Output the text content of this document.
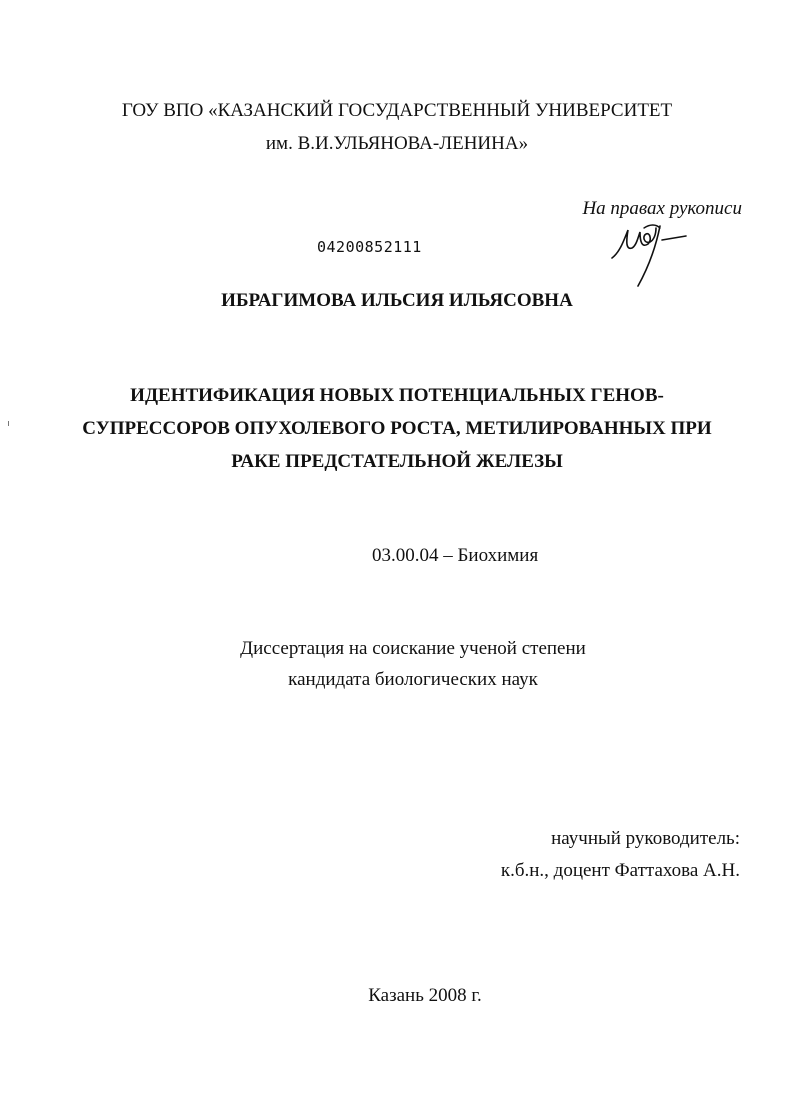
ГОУ ВПО «КАЗАНСКИЙ ГОСУДАРСТВЕННЫЙ УНИВЕРСИТЕТ
им. В.И.УЛЬЯНОВА-ЛЕНИНА»
На правах рукописи
04200852111
ИБРАГИМОВА ИЛЬСИЯ ИЛЬЯСОВНА
ИДЕНТИФИКАЦИЯ НОВЫХ ПОТЕНЦИАЛЬНЫХ ГЕНОВ-
СУПРЕССОРОВ ОПУХОЛЕВОГО РОСТА, МЕТИЛИРОВАННЫХ ПРИ
РАКЕ ПРЕДСТАТЕЛЬНОЙ ЖЕЛЕЗЫ
03.00.04 – Биохимия
Диссертация на соискание ученой степени
кандидата биологических наук
научный руководитель:
к.б.н., доцент Фаттахова А.Н.
Казань 2008 г.
